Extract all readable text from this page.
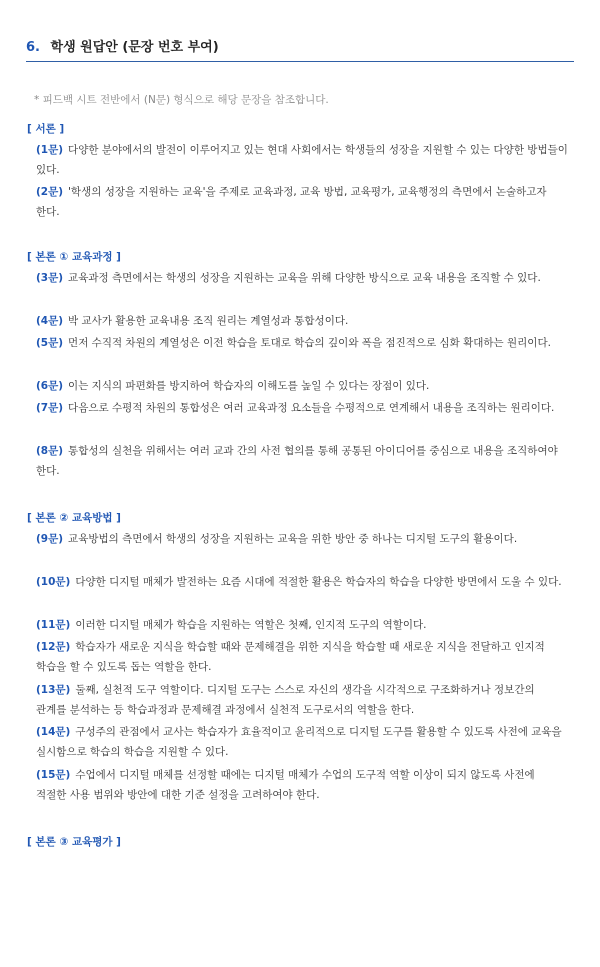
6. 학생 원답안 (문장 번호 부여)
* 피드백 시트 전반에서 (N문) 형식으로 해당 문장을 참조합니다.
[ 서론 ]
(1문) 다양한 분야에서의 발전이 이루어지고 있는 현대 사회에서는 학생들의 성장을 지원할 수 있는 다양한 방법들이 있다.
(2문) '학생의 성장을 지원하는 교육'을 주제로 교육과정, 교육 방법, 교육평가, 교육행정의 측면에서 논술하고자 한다.
[ 본론 ① 교육과정 ]
(3문) 교육과정 측면에서는 학생의 성장을 지원하는 교육을 위해 다양한 방식으로 교육 내용을 조직할 수 있다.
(4문) 박 교사가 활용한 교육내용 조직 원리는 계열성과 통합성이다.
(5문) 먼저 수직적 차원의 계열성은 이전 학습을 토대로 학습의 깊이와 폭을 점진적으로 심화 확대하는 원리이다.
(6문) 이는 지식의 파편화를 방지하여 학습자의 이해도를 높일 수 있다는 장점이 있다.
(7문) 다음으로 수평적 차원의 통합성은 여러 교육과정 요소들을 수평적으로 연계해서 내용을 조직하는 원리이다.
(8문) 통합성의 실천을 위해서는 여러 교과 간의 사전 협의를 통해 공통된 아이디어를 중심으로 내용을 조직하여야 한다.
[ 본론 ② 교육방법 ]
(9문) 교육방법의 측면에서 학생의 성장을 지원하는 교육을 위한 방안 중 하나는 디지털 도구의 활용이다.
(10문) 다양한 디지털 매체가 발전하는 요즘 시대에 적절한 활용은 학습자의 학습을 다양한 방면에서 도울 수 있다.
(11문) 이러한 디지털 매체가 학습을 지원하는 역할은 첫째, 인지적 도구의 역할이다.
(12문) 학습자가 새로운 지식을 학습할 때와 문제해결을 위한 지식을 학습할 때 새로운 지식을 전달하고 인지적 학습을 할 수 있도록 돕는 역할을 한다.
(13문) 둘째, 실천적 도구 역할이다. 디지털 도구는 스스로 자신의 생각을 시각적으로 구조화하거나 정보간의 관계를 분석하는 등 학습과정과 문제해결 과정에서 실천적 도구로서의 역할을 한다.
(14문) 구성주의 관점에서 교사는 학습자가 효율적이고 윤리적으로 디지털 도구를 활용할 수 있도록 사전에 교육을 실시함으로 학습의 학습을 지원할 수 있다.
(15문) 수업에서 디지털 매체를 선정할 때에는 디지털 매체가 수업의 도구적 역할 이상이 되지 않도록 사전에 적절한 사용 범위와 방안에 대한 기준 설정을 고려하여야 한다.
[ 본론 ③ 교육평가 ]
